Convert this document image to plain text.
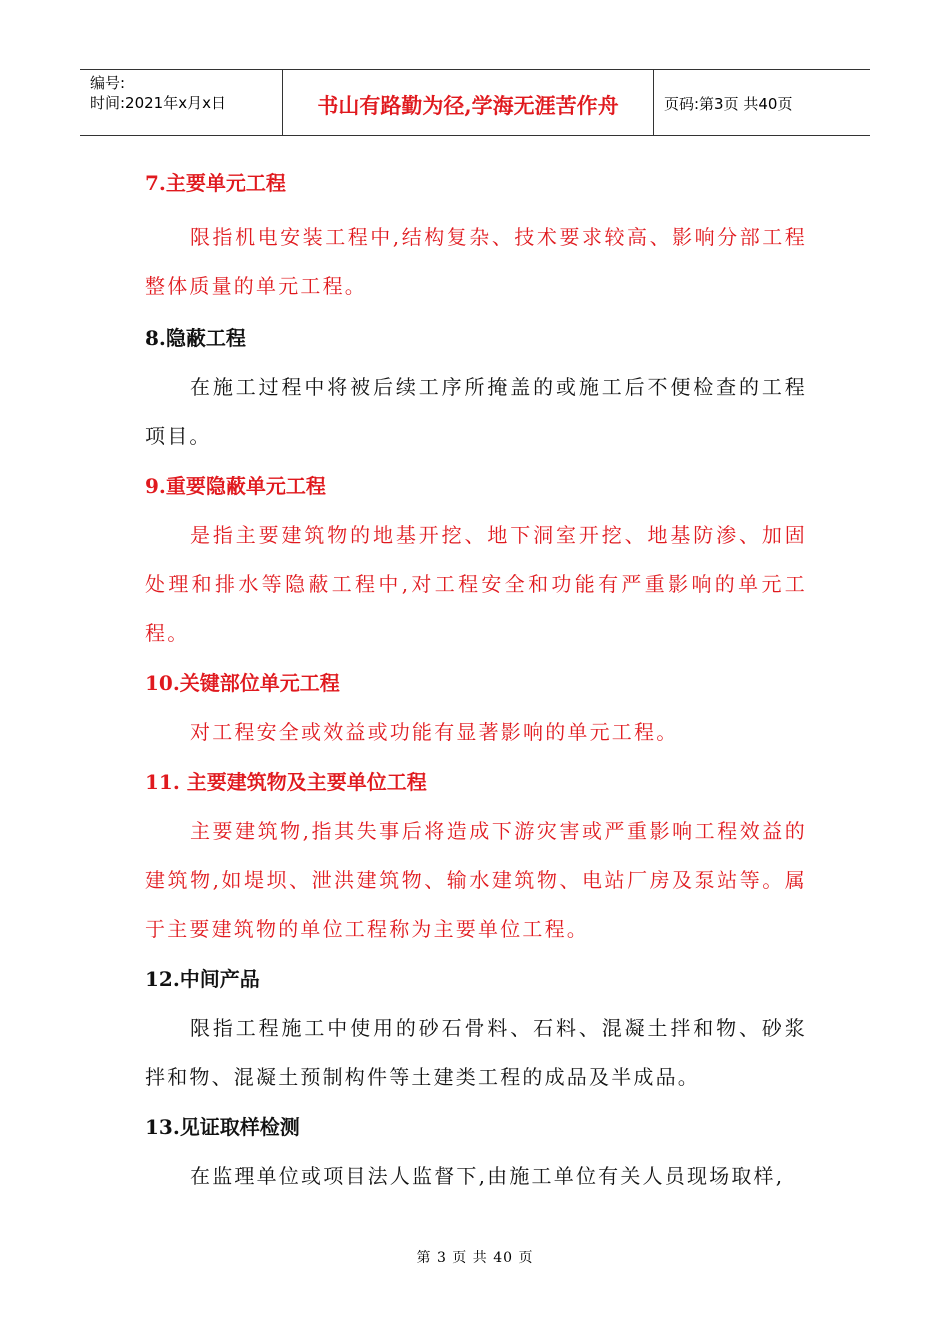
编号:
时间:2021年x月x日	书山有路勤为径,学海无涯苦作舟	页码:第3页 共40页

7.主要单元工程

限指机电安装工程中,结构复杂、技术要求较高、影响分部工程整体质量的单元工程。

8.隐蔽工程

在施工过程中将被后续工序所掩盖的或施工后不便检查的工程项目。

9.重要隐蔽单元工程

是指主要建筑物的地基开挖、地下洞室开挖、地基防渗、加固处理和排水等隐蔽工程中,对工程安全和功能有严重影响的单元工程。

10.关键部位单元工程

对工程安全或效益或功能有显著影响的单元工程。

11. 主要建筑物及主要单位工程

主要建筑物,指其失事后将造成下游灾害或严重影响工程效益的建筑物,如堤坝、泄洪建筑物、输水建筑物、电站厂房及泵站等。属于主要建筑物的单位工程称为主要单位工程。

12.中间产品

限指工程施工中使用的砂石骨料、石料、混凝土拌和物、砂浆拌和物、混凝土预制构件等土建类工程的成品及半成品。

13.见证取样检测

在监理单位或项目法人监督下,由施工单位有关人员现场取样,

第 3 页 共 40 页
